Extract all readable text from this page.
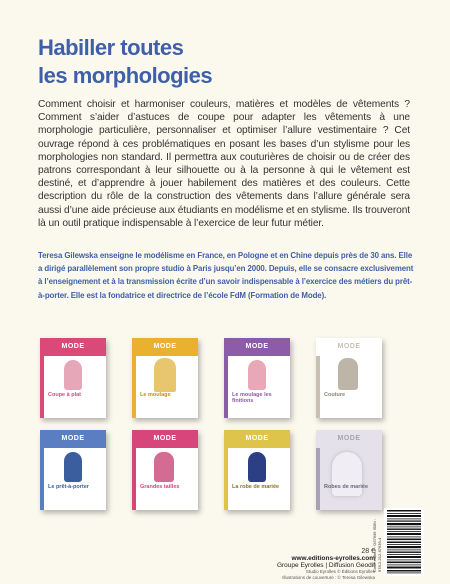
Habiller toutes
les morphologies
Comment choisir et harmoniser couleurs, matières et modèles de vêtements ? Comment s’aider d’astuces de coupe pour adapter les vêtements à une morphologie particulière, personnaliser et optimiser l’allure vestimentaire ? Cet ouvrage répond à ces problématiques en posant les bases d’un stylisme pour les morphologies non standard. Il permettra aux couturières de choisir ou de créer des patrons correspondant à leur silhouette ou à la personne à qui le vêtement est destiné, et d’apprendre à jouer habilement des matières et des couleurs. Cette description du rôle de la construction des vêtements dans l’allure générale sera aussi d’une aide précieuse aux étudiants en modélisme et en stylisme. Ils trouveront là un outil pratique indispensable à l’exercice de leur futur métier.
Teresa Gilewska enseigne le modélisme en France, en Pologne et en Chine depuis près de 30 ans. Elle a dirigé parallèlement son propre studio à Paris jusqu’en 2000. Depuis, elle se consacre exclusivement à l’enseignement et à la transmission écrite d’un savoir indispensable à l’exercice des métiers du prêt-à-porter. Elle est la fondatrice et directrice de l’école FdM (Formation de Mode).
MODE
Coupe à plat
MODE
Le moulage
MODE
Le moulage les finitions
MODE
Couture
MODE
Le prêt-à-porter
MODE
Grandes tailles
MODE
La robe de mariée
MODE
Robes de mariée
28 €
www.editions-eyrolles.com
Groupe Eyrolles | Diffusion Geodif
Studio Eyrolles © Éditions Eyrolles
Illustrations de couverture : © Teresa Gilewska
Code éditeur : G67639 ISBN : 978-2-212-67639-4
